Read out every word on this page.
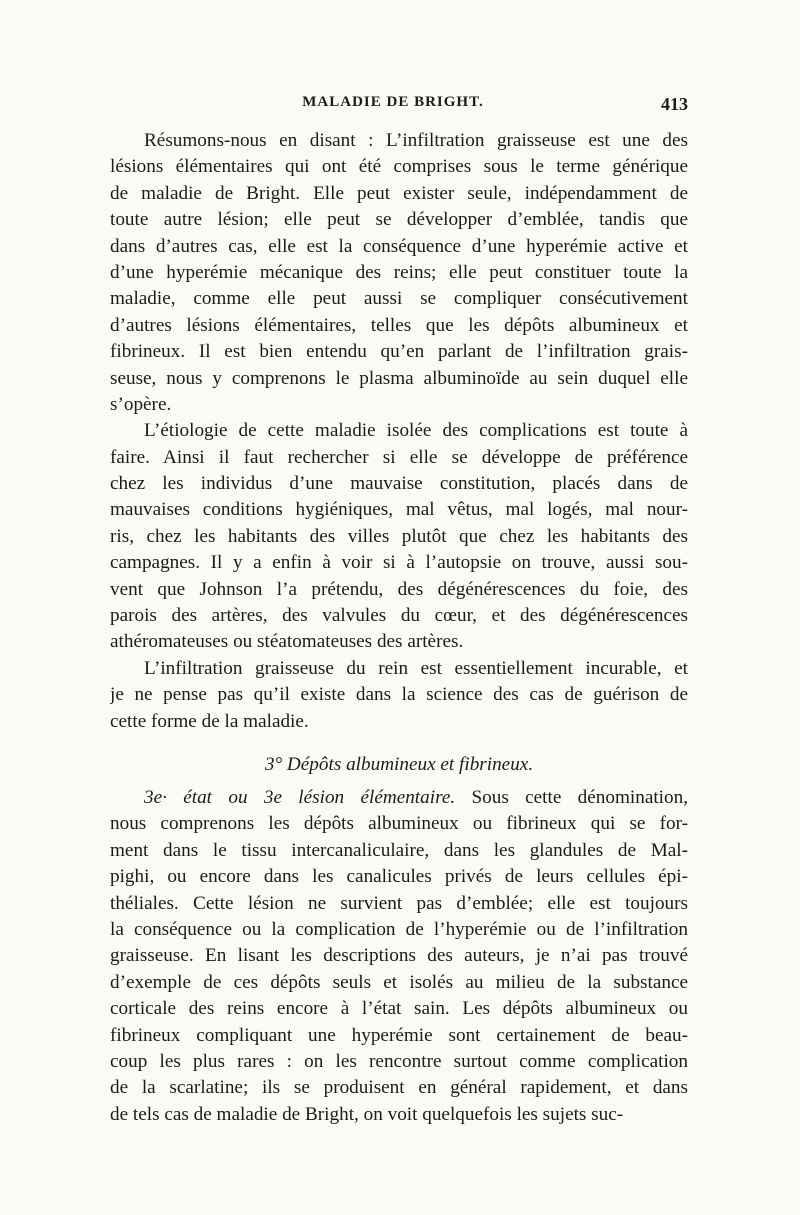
MALADIE DE BRIGHT.	413
Résumons-nous en disant : L’infiltration graisseuse est une des
lésions élémentaires qui ont été comprises sous le terme générique
de maladie de Bright. Elle peut exister seule, indépendamment de
toute autre lésion; elle peut se développer d’emblée, tandis que
dans d’autres cas, elle est la conséquence d’une hyperémie active et
d’une hyperémie mécanique des reins; elle peut constituer toute la
maladie, comme elle peut aussi se compliquer consécutivement
d’autres lésions élémentaires, telles que les dépôts albumineux et
fibrineux. Il est bien entendu qu’en parlant de l’infiltration grais-
seuse, nous y comprenons le plasma albuminoïde au sein duquel elle
s’opère.
L’étiologie de cette maladie isolée des complications est toute à
faire. Ainsi il faut rechercher si elle se développe de préférence
chez les individus d’une mauvaise constitution, placés dans de
mauvaises conditions hygiéniques, mal vêtus, mal logés, mal nour-
ris, chez les habitants des villes plutôt que chez les habitants des
campagnes. Il y a enfin à voir si à l’autopsie on trouve, aussi sou-
vent que Johnson l’a prétendu, des dégénérescences du foie, des
parois des artères, des valvules du cœur, et des dégénérescences
athéromateuses ou stéatomateuses des artères.
L’infiltration graisseuse du rein est essentiellement incurable, et
je ne pense pas qu’il existe dans la science des cas de guérison de
cette forme de la maladie.
3° Dépôts albumineux et fibrineux.
3e· état ou 3e lésion élémentaire. Sous cette dénomination,
nous comprenons les dépôts albumineux ou fibrineux qui se for-
ment dans le tissu intercanaliculaire, dans les glandules de Mal-
pighi, ou encore dans les canalicules privés de leurs cellules épi-
théliales. Cette lésion ne survient pas d’emblée; elle est toujours
la conséquence ou la complication de l’hyperémie ou de l’infiltration
graisseuse. En lisant les descriptions des auteurs, je n’ai pas trouvé
d’exemple de ces dépôts seuls et isolés au milieu de la substance
corticale des reins encore à l’état sain. Les dépôts albumineux ou
fibrineux compliquant une hyperémie sont certainement de beau-
coup les plus rares : on les rencontre surtout comme complication
de la scarlatine; ils se produisent en général rapidement, et dans
de tels cas de maladie de Bright, on voit quelquefois les sujets suc-
